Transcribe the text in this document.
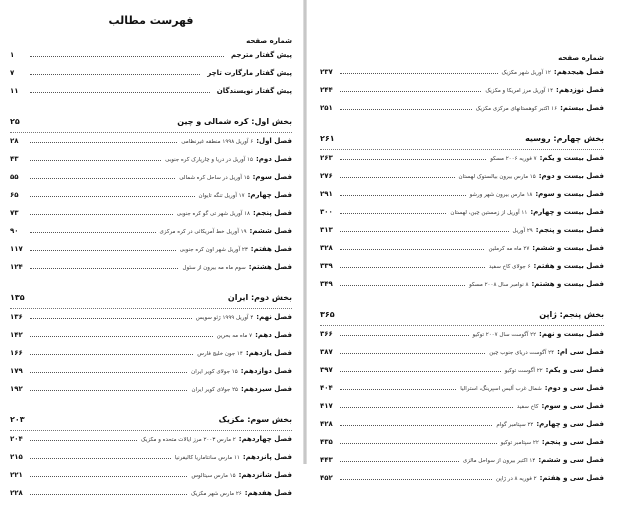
فهرست مطالب
شماره صفحه
پیش گفتار مترجم
۱
پیش گفتار مارگارت تاچر
۷
پیش گفتار نویسندگان
۱۱
بخش اول: کره شمالی و چین
۲۵
فصل اول:
۶ آوریل ۱۹۹۸ منطقه غیرنظامی
۲۸
فصل دوم:
۱۵ آوریل در دریا و چارپارک کره جنوبی
۴۳
فصل سوم:
۱۵ آوریل در ساحل کره شمالی
۵۵
فصل چهارم:
۱۷ آوریل تنگه تایوان
۶۵
فصل پنجم:
۱۸ آوریل شهر تی گو کره جنوبی
۷۳
فصل ششم:
۱۹ آوریل خط آمریکائی در کره مرکزی
۹۰
فصل هفتم:
۲۳ آوریل شهر اون کره جنوبی
۱۱۷
فصل هشتم:
سوم ماه مه بیرون از سئول
۱۲۴
بخش دوم: ایران
۱۳۵
فصل نهم:
۴ آوریل ۱۹۹۹ ژئو سویس
۱۳۶
فصل دهم:
۷ ماه مه بحرین
۱۴۲
فصل یازدهم:
۱۴ جون خلیج فارس
۱۶۶
فصل دوازدهم:
۱۵ جولای کویر ایران
۱۷۹
فصل سیزدهم:
۲۵ جولای کویر ایران
۱۹۲
بخش سوم: مکزیک
۲۰۳
فصل چهاردهم:
۲ مارس ۲۰۰۳ مرز ایالات متحده و مکزیک
۲۰۴
فصل پانزدهم:
۱۱ مارس سانتاماریا کالیفرنیا
۲۱۵
فصل شانزدهم:
۱۵ مارس سیتالوس
۲۲۱
فصل هفدهم:
۲۶ مارس شهر مکزیک
۲۲۸
شماره صفحه
فصل هیجدهم:
۱۲ آوریل شهر مکزیک
۲۳۷
فصل نوزدهم:
۱۴ آوریل مرز امریکا و مکزیک
۲۴۴
فصل بیستم:
۱۶ اکتبر کوهستانهای مرکزی مکزیک
۲۵۱
بخش چهارم: روسیه
۲۶۱
فصل بیست و یکم:
۷ فوریه ۲۰۰۶ مسکو
۲۶۳
فصل بیست و دوم:
۱۵ مارس بیرون بیالستوک لهستان
۲۷۶
فصل بیست و سوم:
۱۸ مارس بیرون شهر ورشو
۲۹۱
فصل بیست و چهارم:
۱۱ آوریل از زمستین چین، لهستان
۳۰۰
فصل بیست و پنجم:
۲۹ آوریل
۳۱۳
فصل بیست و ششم:
۲۷ ماه مه کرملین
۳۲۸
فصل بیست و هفتم:
۶ جولای کاخ سفید
۳۳۹
فصل بیست و هشتم:
۸ نوامبر سال ۲۰۰۸ مسکو
۳۴۹
بخش پنجم: ژاپن
۳۶۵
فصل بیست و نهم:
۲۲ آگوست سال ۲۰۰۷ توکیو
۳۶۶
فصل سی ام:
۲۴ آگوست دریای جنوب چین
۳۸۷
فصل سی و یکم:
۲۲ آگوست توکیو
۳۹۷
فصل سی و دوم:
شمال غرب آلیس اسپرینگ، استرالیا
۴۰۴
فصل سی و سوم:
کاخ سفید
۴۱۷
فصل سی و چهارم:
۲۲ سپتامبر گوام
۴۲۸
فصل سی و پنجم:
۲۲ سپتامبر توکیو
۴۳۵
فصل سی و ششم:
۱۴ اکتبر بیرون از سواحل مالزی
۴۴۳
فصل سی و هفتم:
۲ فوریه ۸ در ژاپن
۴۵۲
